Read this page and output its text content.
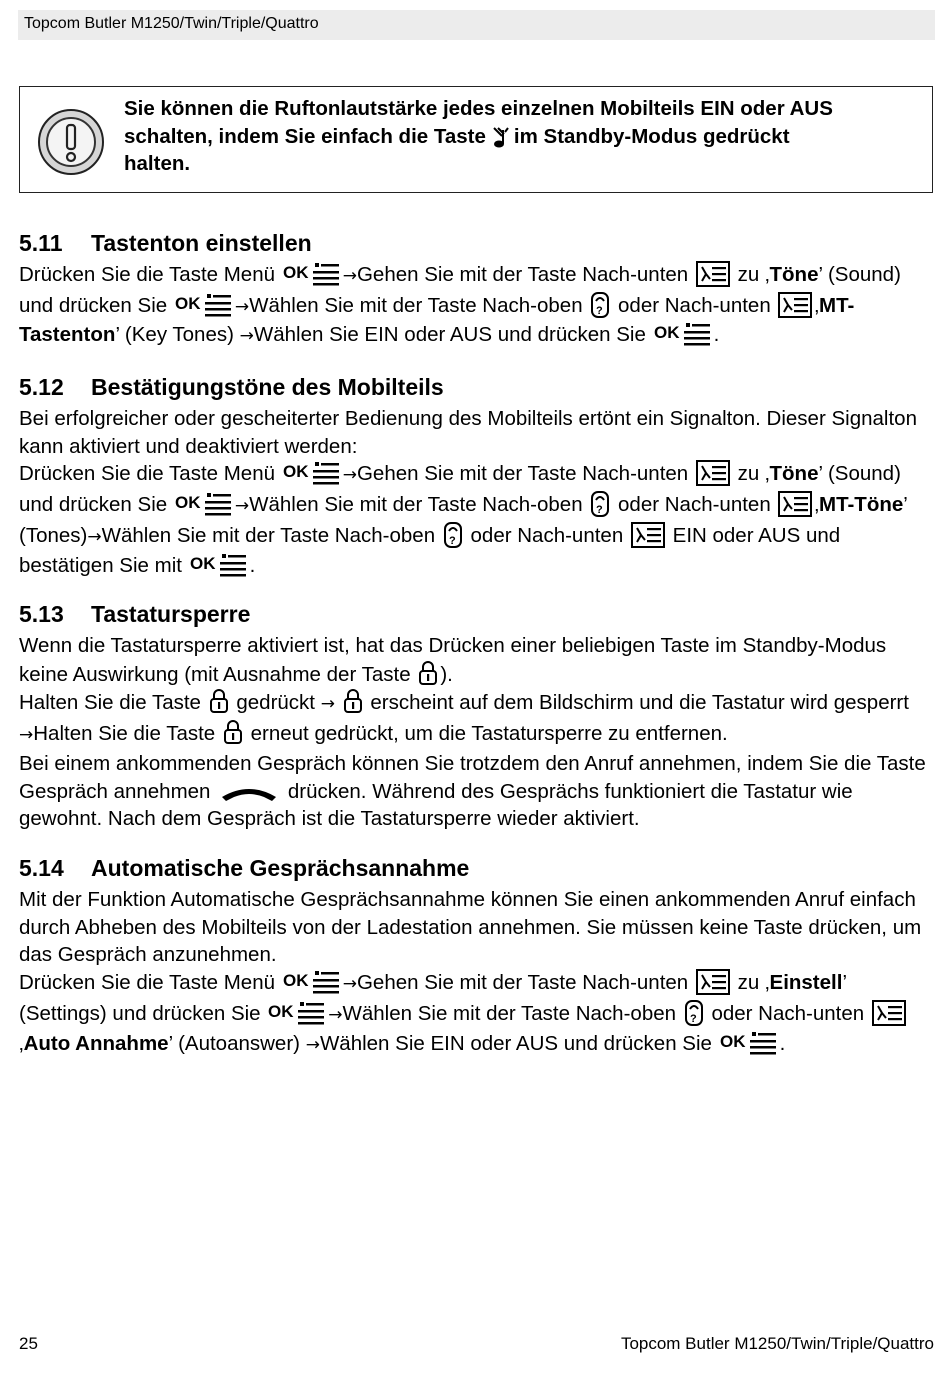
Topcom Butler M1250/Twin/Triple/Quattro
Sie können die Ruftonlautstärke jedes einzelnen Mobilteils EIN oder AUS
schalten, indem Sie einfach die Taste im Standby-Modus gedrückt
halten.
5.11 Tastenton einstellen

Drücken Sie die Taste Menü	→Gehen Sie mit der Taste Nach-unten zu ‚Töne’ (Sound) und drücken Sie	→Wählen Sie mit der Taste Nach-oben oder Nach-unten ‚MT-Tastenton’ (Key Tones) →Wählen Sie EIN oder AUS und drücken Sie	.

5.12 Bestätigungstöne des Mobilteils

Bei erfolgreicher oder gescheiterter Bedienung des Mobilteils ertönt ein Signalton. Dieser Signalton kann aktiviert und deaktiviert werden:

Drücken Sie die Taste Menü	→Gehen Sie mit der Taste Nach-unten zu ‚Töne’ (Sound) und drücken Sie	→Wählen Sie mit der Taste Nach-oben oder Nach-unten ‚MT-Töne’ (Tones)→Wählen Sie mit der Taste Nach-oben oder Nach-unten EIN oder AUS und bestätigen Sie mit	.

5.13 Tastatursperre

Wenn die Tastatursperre aktiviert ist, hat das Drücken einer beliebigen Taste im Standby-Modus keine Auswirkung (mit Ausnahme der Taste ).
Halten Sie die Taste gedrückt → erscheint auf dem Bildschirm und die Tastatur wird gesperrt →Halten Sie die Taste erneut gedrückt, um die Tastatursperre zu entfernen.
Bei einem ankommenden Gespräch können Sie trotzdem den Anruf annehmen, indem Sie die Taste Gespräch annehmen	drücken. Während des Gesprächs funktioniert die Tastatur wie gewohnt. Nach dem Gespräch ist die Tastatursperre wieder aktiviert.

5.14 Automatische Gesprächsannahme

Mit der Funktion Automatische Gesprächsannahme können Sie einen ankommenden Anruf einfach durch Abheben des Mobilteils von der Ladestation annehmen. Sie müssen keine Taste drücken, um das Gespräch anzunehmen.

Drücken Sie die Taste Menü	→Gehen Sie mit der Taste Nach-unten zu ‚Einstell’ (Settings) und drücken Sie	→Wählen Sie mit der Taste Nach-oben oder Nach-unten  ‚Auto Annahme’ (Autoanswer) →Wählen Sie EIN oder AUS und drücken Sie	.

25	Topcom Butler M1250/Twin/Triple/Quattro
